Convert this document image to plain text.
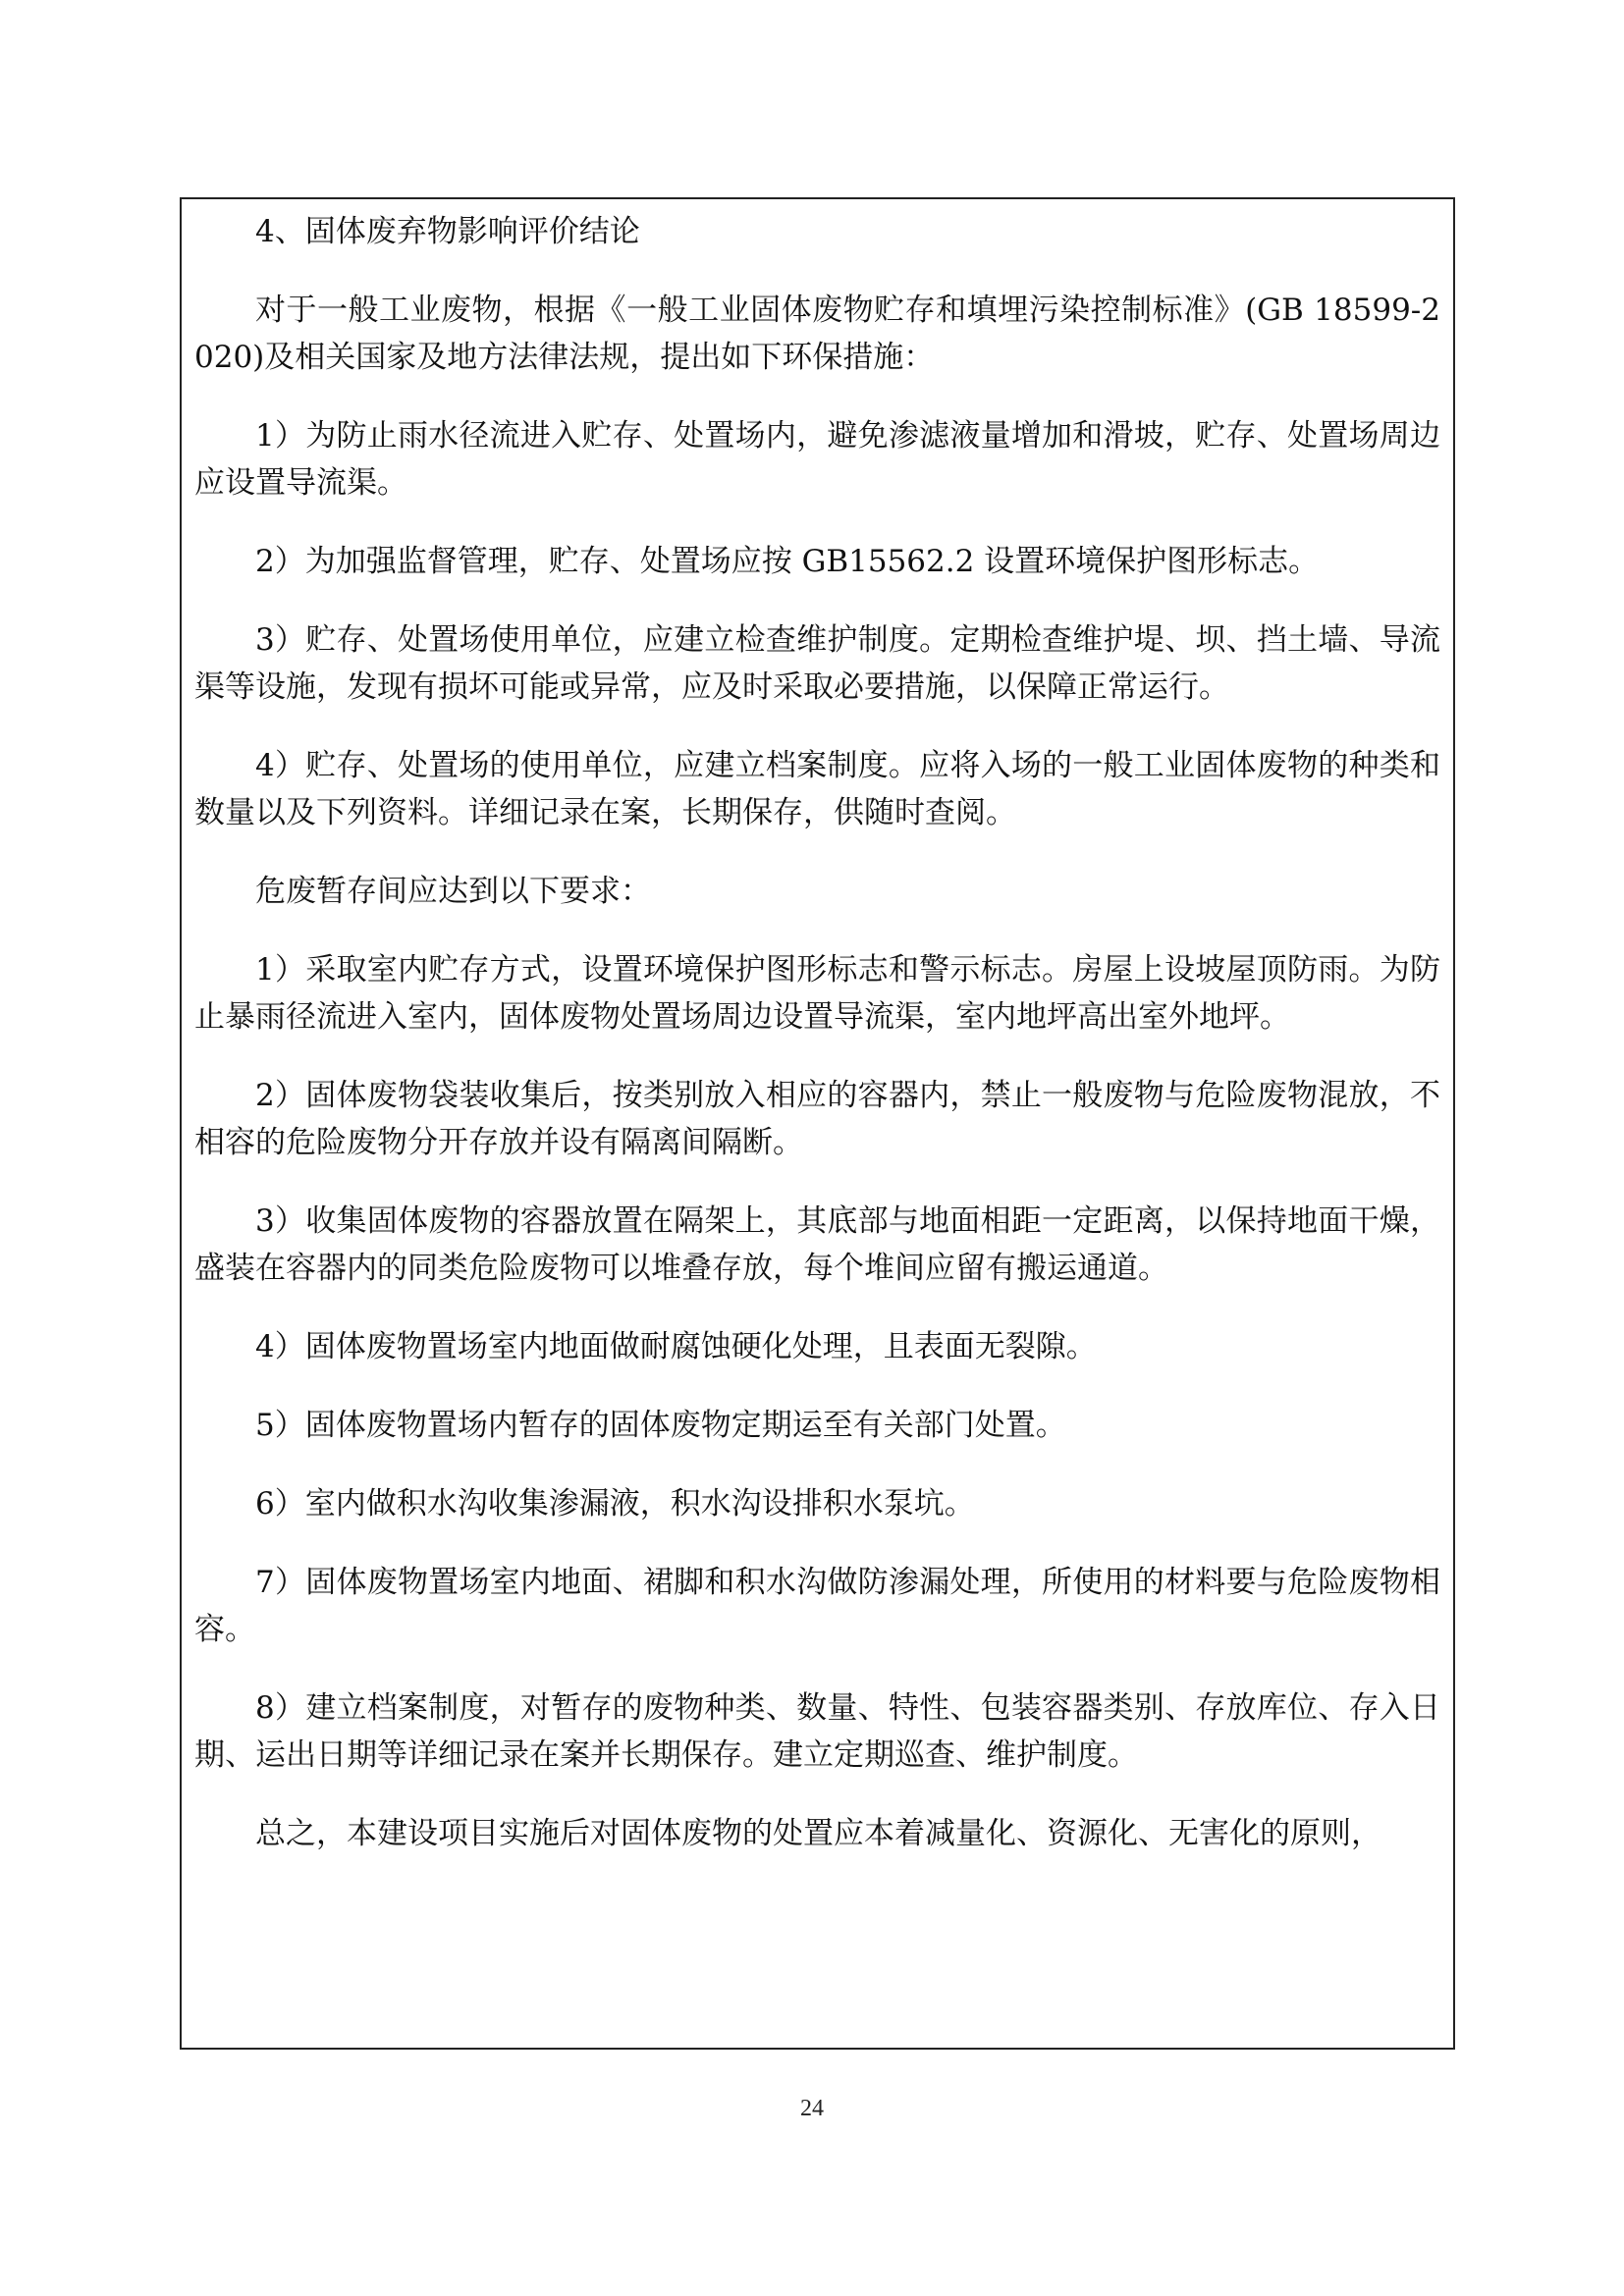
4、固体废弃物影响评价结论

对于一般工业废物，根据《一般工业固体废物贮存和填埋污染控制标准》(GB 18599-2020)及相关国家及地方法律法规，提出如下环保措施：

1）为防止雨水径流进入贮存、处置场内，避免渗滤液量增加和滑坡，贮存、处置场周边应设置导流渠。

2）为加强监督管理，贮存、处置场应按 GB15562.2 设置环境保护图形标志。

3）贮存、处置场使用单位，应建立检查维护制度。定期检查维护堤、坝、挡土墙、导流渠等设施，发现有损坏可能或异常，应及时采取必要措施，以保障正常运行。

4）贮存、处置场的使用单位，应建立档案制度。应将入场的一般工业固体废物的种类和数量以及下列资料。详细记录在案，长期保存，供随时查阅。

危废暂存间应达到以下要求：

1）采取室内贮存方式，设置环境保护图形标志和警示标志。房屋上设坡屋顶防雨。为防止暴雨径流进入室内，固体废物处置场周边设置导流渠，室内地坪高出室外地坪。

2）固体废物袋装收集后，按类别放入相应的容器内，禁止一般废物与危险废物混放，不相容的危险废物分开存放并设有隔离间隔断。

3）收集固体废物的容器放置在隔架上，其底部与地面相距一定距离，以保持地面干燥，盛装在容器内的同类危险废物可以堆叠存放，每个堆间应留有搬运通道。

4）固体废物置场室内地面做耐腐蚀硬化处理，且表面无裂隙。

5）固体废物置场内暂存的固体废物定期运至有关部门处置。

6）室内做积水沟收集渗漏液，积水沟设排积水泵坑。

7）固体废物置场室内地面、裙脚和积水沟做防渗漏处理，所使用的材料要与危险废物相容。

8）建立档案制度，对暂存的废物种类、数量、特性、包装容器类别、存放库位、存入日期、运出日期等详细记录在案并长期保存。建立定期巡查、维护制度。

总之，本建设项目实施后对固体废物的处置应本着减量化、资源化、无害化的原则，

24
